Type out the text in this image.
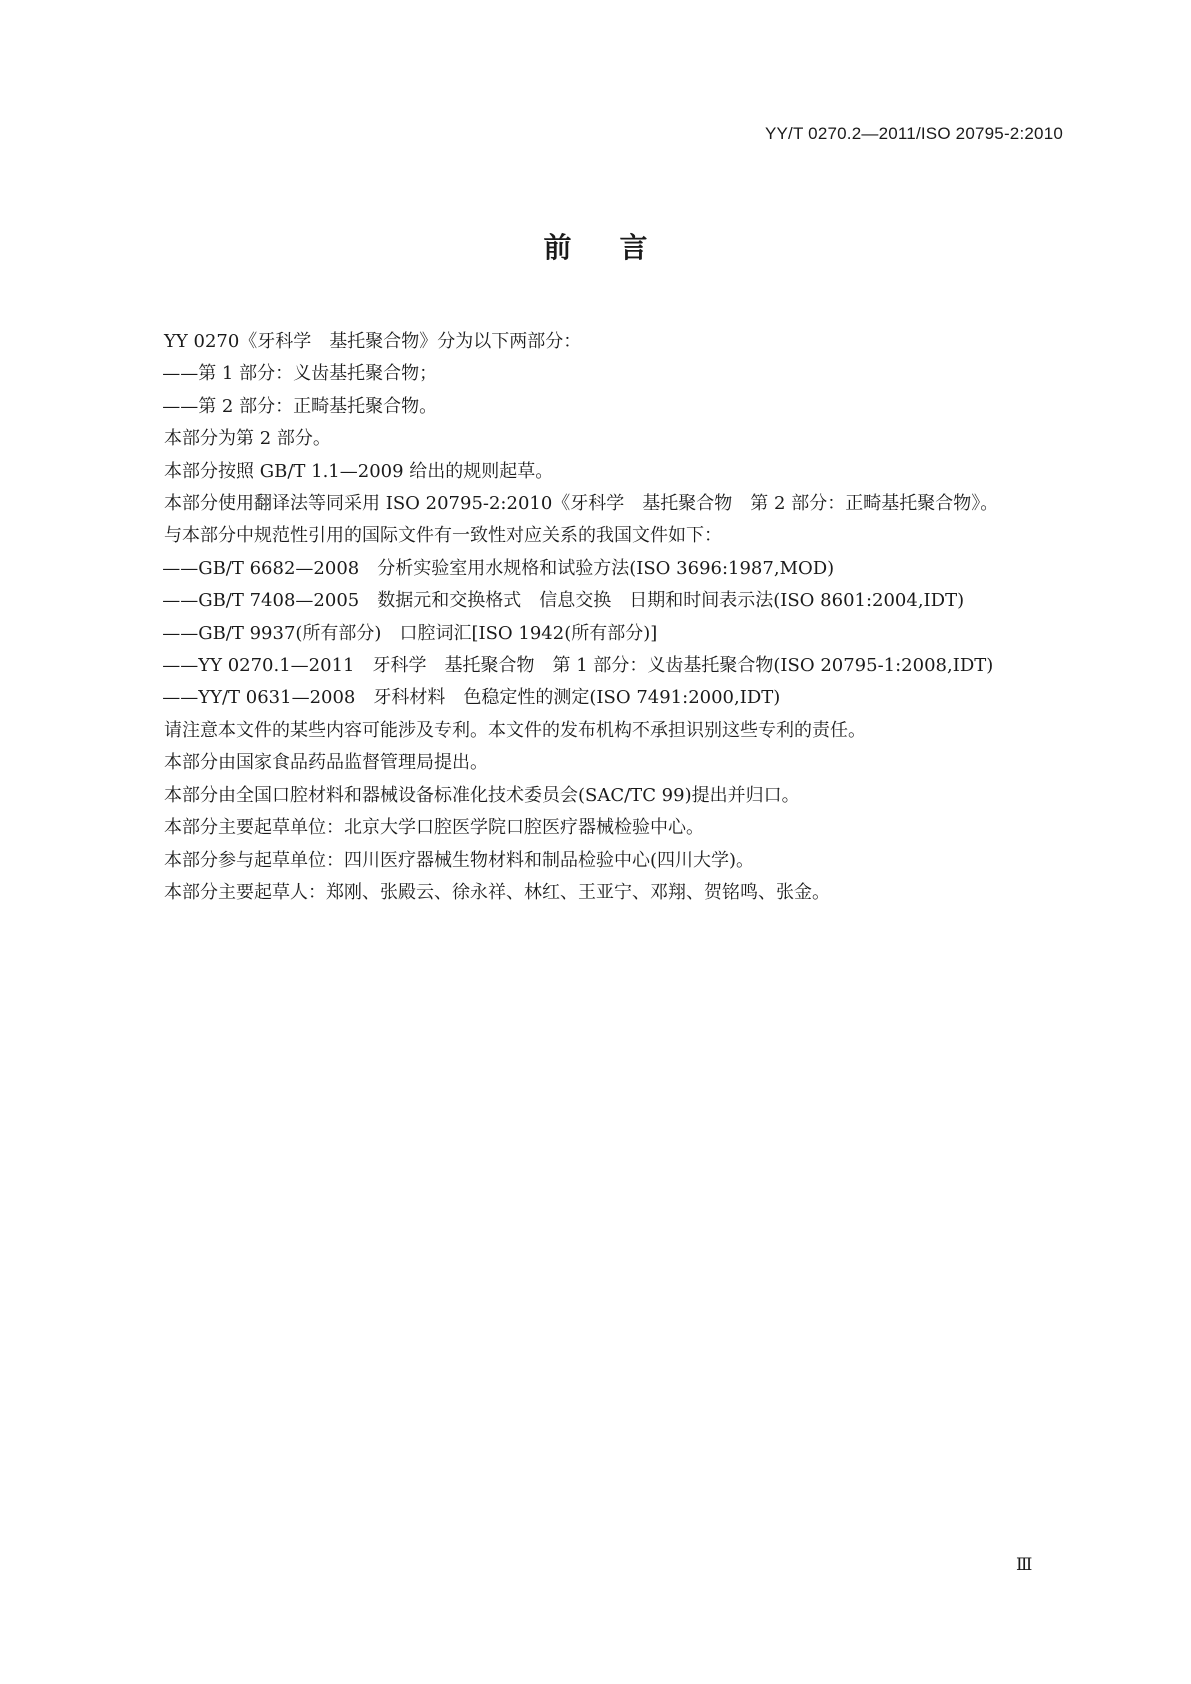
YY/T 0270.2—2011/ISO 20795-2:2010
前言

YY 0270《牙科学　基托聚合物》分为以下两部分：

——第 1 部分：义齿基托聚合物；

——第 2 部分：正畸基托聚合物。

本部分为第 2 部分。

本部分按照 GB/T 1.1—2009 给出的规则起草。

本部分使用翻译法等同采用 ISO 20795-2:2010《牙科学　基托聚合物　第 2 部分：正畸基托聚合物》。

与本部分中规范性引用的国际文件有一致性对应关系的我国文件如下：

——GB/T 6682—2008　分析实验室用水规格和试验方法(ISO 3696:1987,MOD)

——GB/T 7408—2005　数据元和交换格式　信息交换　日期和时间表示法(ISO 8601:2004,IDT)

——GB/T 9937(所有部分)　口腔词汇[ISO 1942(所有部分)]

——YY 0270.1—2011　牙科学　基托聚合物　第 1 部分：义齿基托聚合物(ISO 20795-1:2008,IDT)

——YY/T 0631—2008　牙科材料　色稳定性的测定(ISO 7491:2000,IDT)

请注意本文件的某些内容可能涉及专利。本文件的发布机构不承担识别这些专利的责任。

本部分由国家食品药品监督管理局提出。

本部分由全国口腔材料和器械设备标准化技术委员会(SAC/TC 99)提出并归口。

本部分主要起草单位：北京大学口腔医学院口腔医疗器械检验中心。

本部分参与起草单位：四川医疗器械生物材料和制品检验中心(四川大学)。

本部分主要起草人：郑刚、张殿云、徐永祥、林红、王亚宁、邓翔、贺铭鸣、张金。

Ⅲ
